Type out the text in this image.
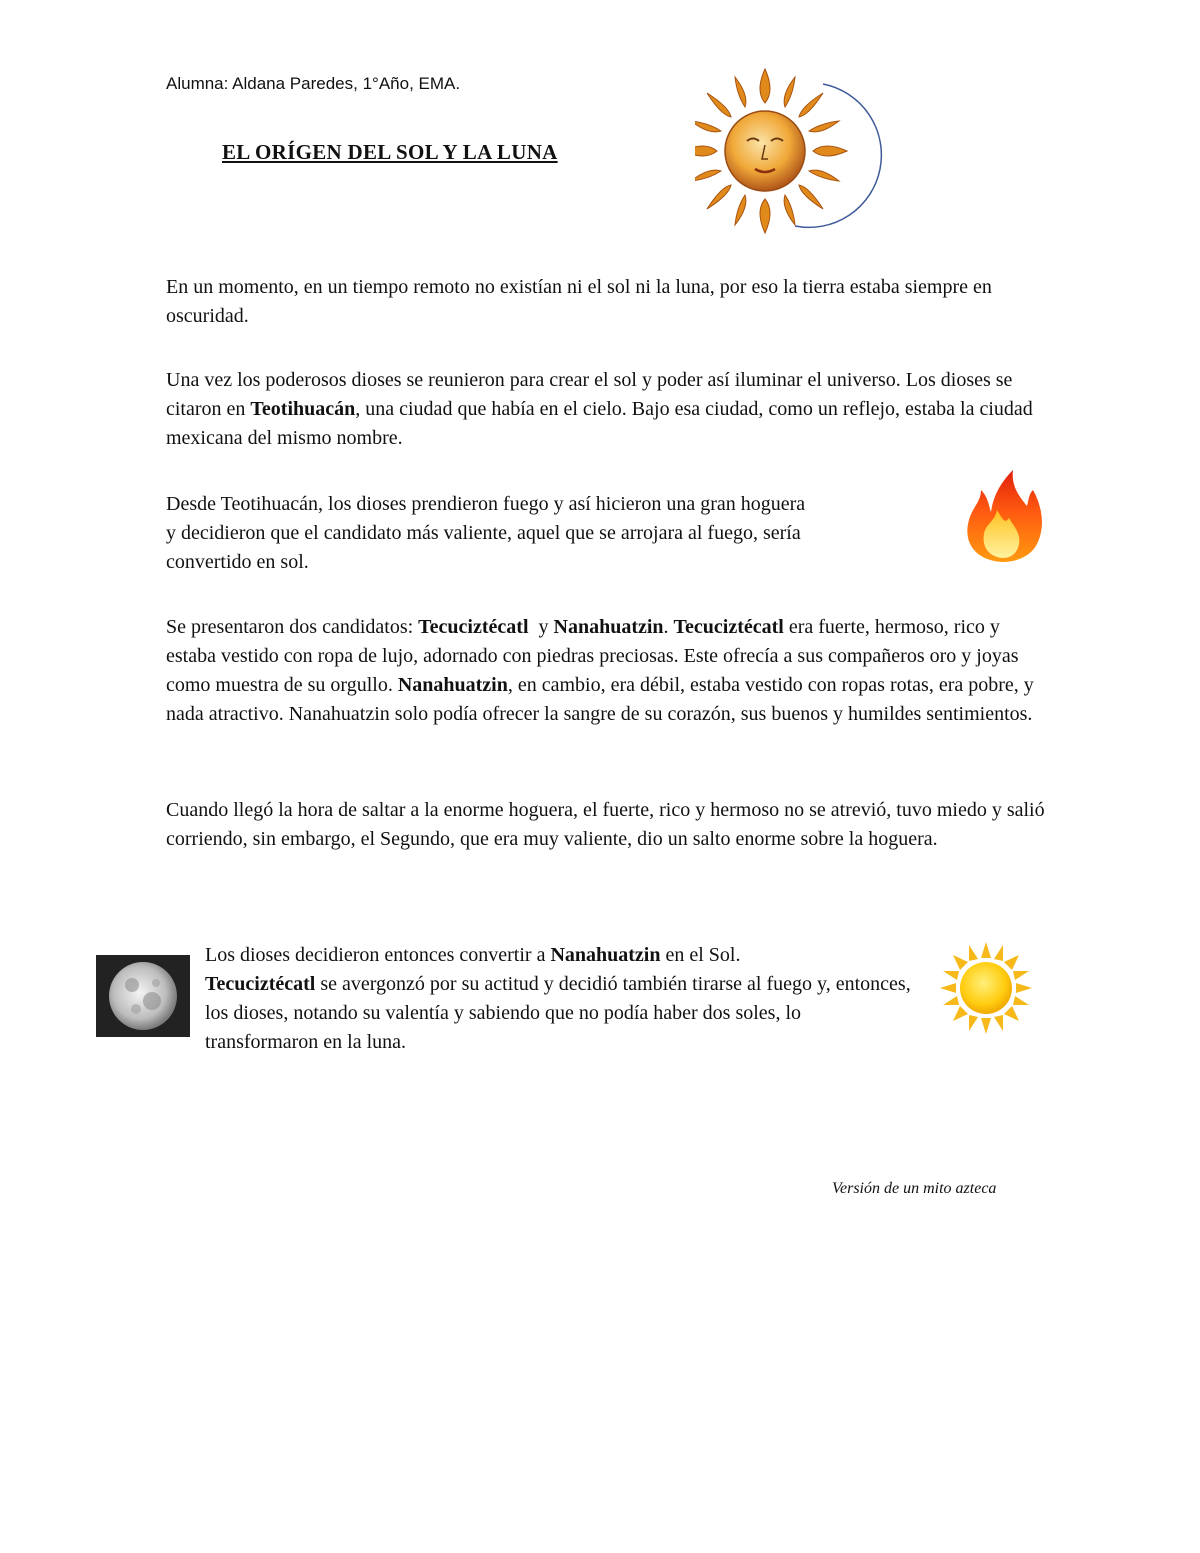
Alumna: Aldana Paredes, 1°Año, EMA.
EL ORÍGEN DEL SOL Y LA LUNA
En un momento, en un tiempo remoto no existían ni el sol ni la luna, por eso la tierra estaba siempre en oscuridad.
Una vez los poderosos dioses se reunieron para crear el sol y poder así iluminar el universo. Los dioses se citaron en Teotihuacán, una ciudad que había en el cielo. Bajo esa ciudad, como un reflejo, estaba la ciudad mexicana del mismo nombre.
Desde Teotihuacán, los dioses prendieron fuego y así hicieron una gran hoguera
y decidieron que el candidato más valiente, aquel que se arrojara al fuego, sería
convertido en sol.
Se presentaron dos candidatos: Tecuciztécatl  y Nanahuatzin. Tecuciztécatl era fuerte, hermoso, rico y estaba vestido con ropa de lujo, adornado con piedras preciosas. Este ofrecía a sus compañeros oro y joyas como muestra de su orgullo. Nanahuatzin, en cambio, era débil, estaba vestido con ropas rotas, era pobre, y nada atractivo. Nanahuatzin solo podía ofrecer la sangre de su corazón, sus buenos y humildes sentimientos.
Cuando llegó la hora de saltar a la enorme hoguera, el fuerte, rico y hermoso no se atrevió, tuvo miedo y salió corriendo, sin embargo, el Segundo, que era muy valiente, dio un salto enorme sobre la hoguera.
Los dioses decidieron entonces convertir a Nanahuatzin en el Sol.
Tecuciztécatl se avergonzó por su actitud y decidió también tirarse al fuego y, entonces, los dioses, notando su valentía y sabiendo que no podía haber dos soles, lo transformaron en la luna.
Versión de un mito azteca
